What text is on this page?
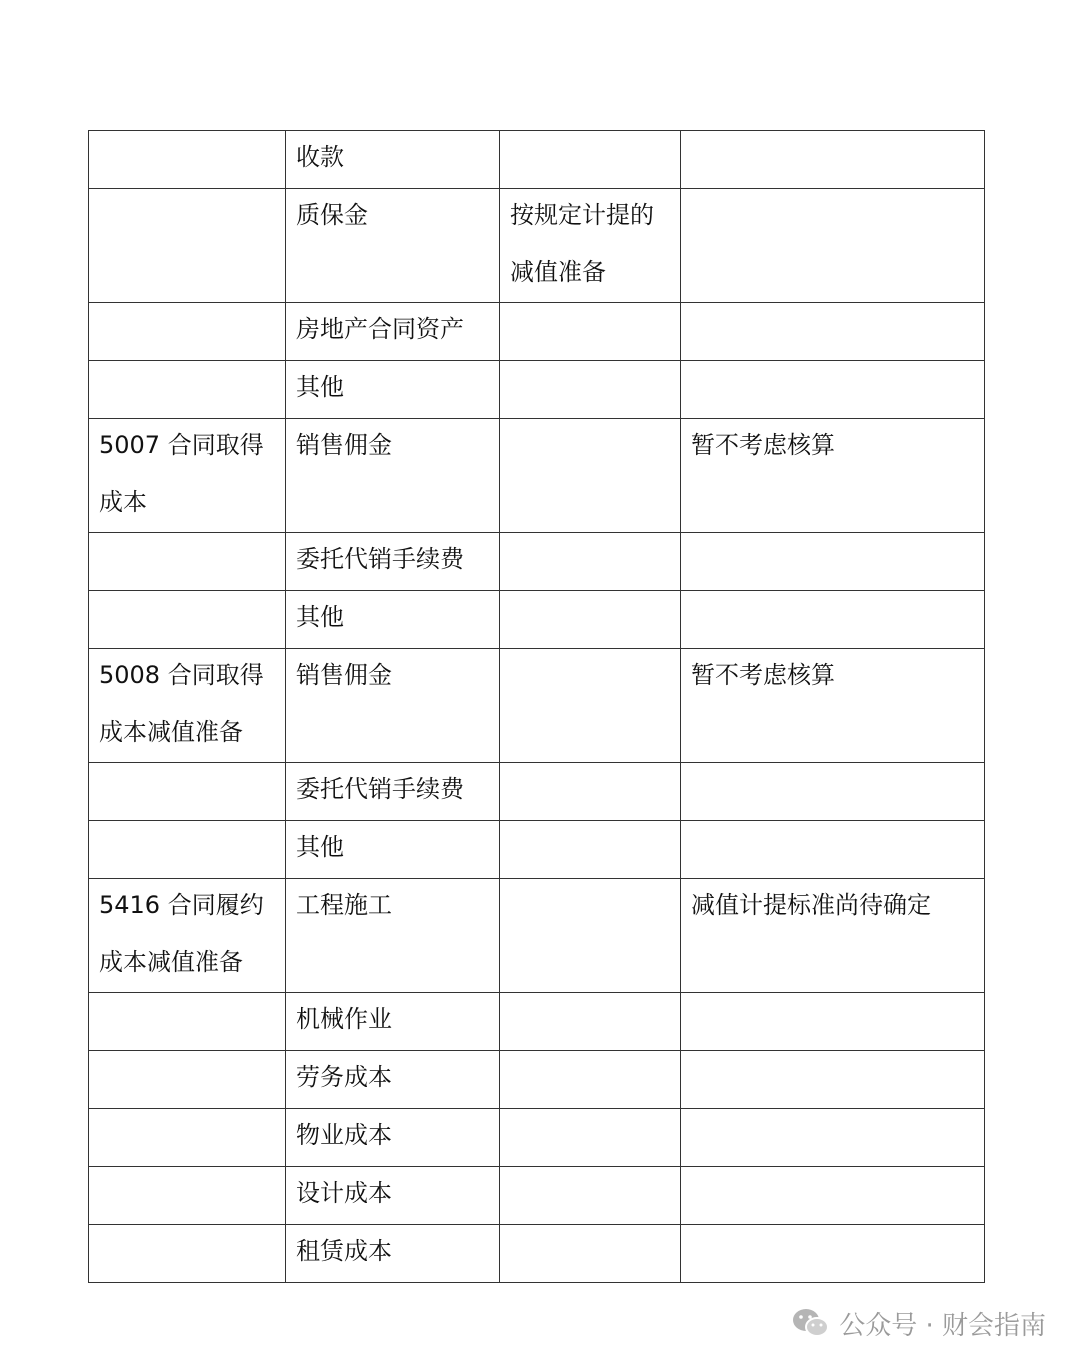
	收款		

	质保金	按规定计提的减值准备	

	房地产合同资产		

	其他		

5007 合同取得成本	销售佣金		暂不考虑核算

	委托代销手续费		

	其他		

5008 合同取得成本减值准备	销售佣金		暂不考虑核算

	委托代销手续费		

	其他		

5416 合同履约成本减值准备	工程施工		减值计提标准尚待确定

	机械作业		

	劳务成本		

	物业成本		

	设计成本		

	租赁成本		

公众号 · 财会指南
